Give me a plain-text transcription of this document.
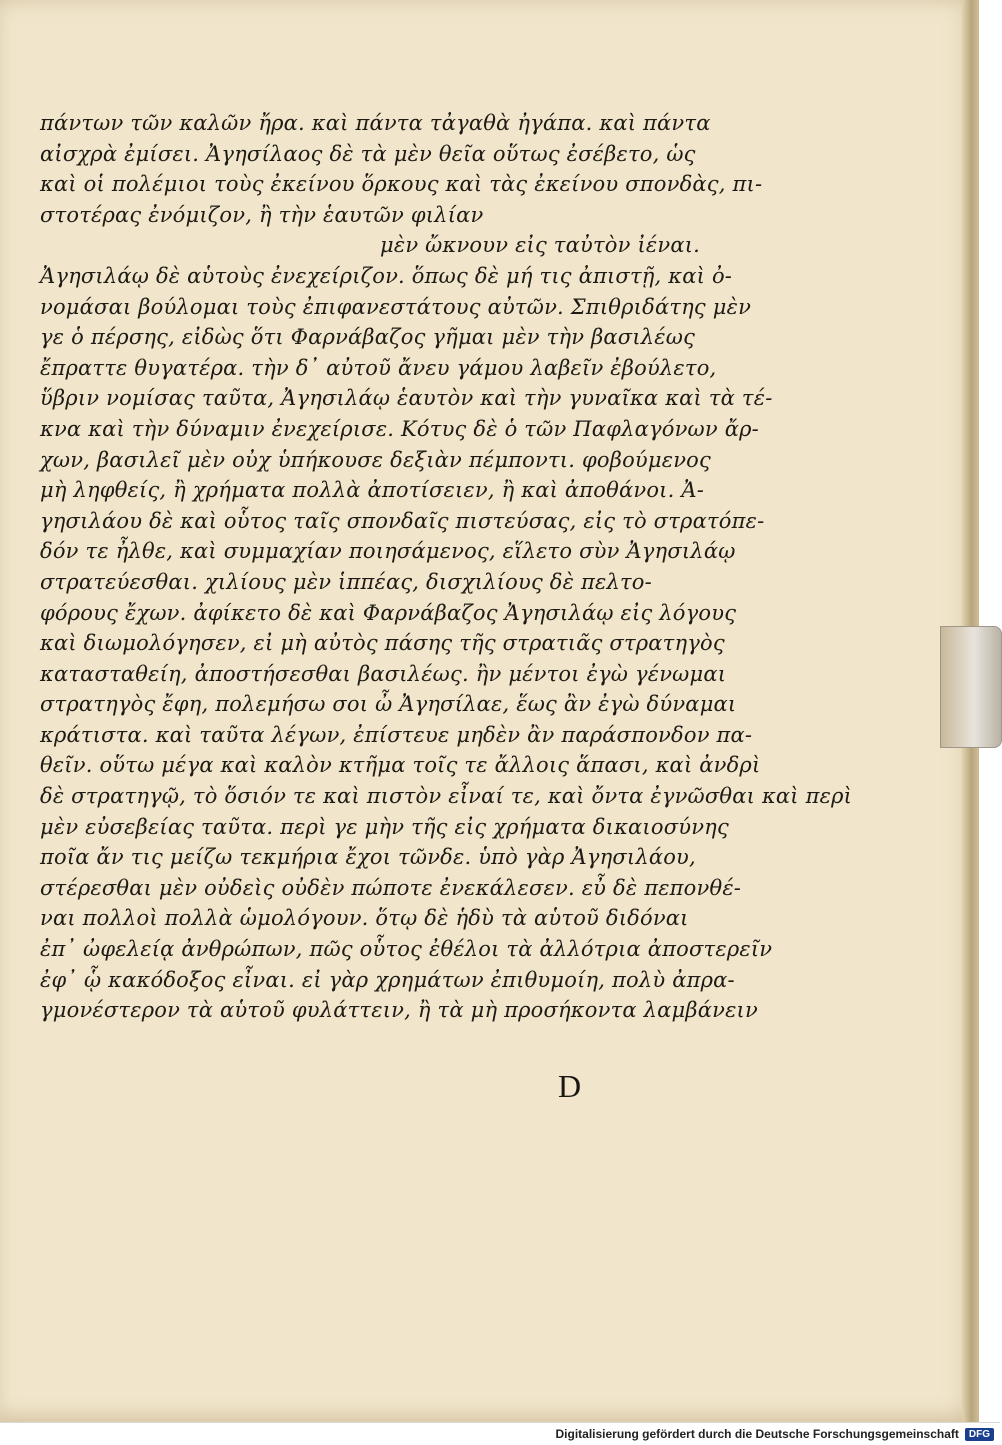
πάντων τῶν καλῶν ἤρα. καὶ πάντα τἀγαθὰ ἠγάπα. καὶ πάντα
αἰσχρὰ ἐμίσει. Ἀγησίλαος δὲ τὰ μὲν θεῖα οὕτως ἐσέβετο, ὡς
καὶ οἱ πολέμιοι τοὺς ἐκείνου ὅρκους καὶ τὰς ἐκείνου σπονδὰς, πι-
στοτέρας ἐνόμιζον, ἢ τὴν ἑαυτῶν φιλίαν
μὲν ὤκνουν εἰς ταὐτὸν ἰέναι.
Ἀγησιλάῳ δὲ αὑτοὺς ἐνεχείριζον. ὅπως δὲ μή τις ἀπιστῇ, καὶ ὀ-
νομάσαι βούλομαι τοὺς ἐπιφανεστάτους αὐτῶν. Σπιθριδάτης μὲν
γε ὁ πέρσης, εἰδὼς ὅτι Φαρνάβαζος γῆμαι μὲν τὴν βασιλέως
ἔπραττε θυγατέρα. τὴν δ᾿ αὐτοῦ ἄνευ γάμου λαβεῖν ἐβούλετο,
ὕβριν νομίσας ταῦτα, Ἀγησιλάῳ ἑαυτὸν καὶ τὴν γυναῖκα καὶ τὰ τέ-
κνα καὶ τὴν δύναμιν ἐνεχείρισε. Κότυς δὲ ὁ τῶν Παφλαγόνων ἄρ-
χων, βασιλεῖ μὲν οὐχ ὑπήκουσε δεξιὰν πέμποντι. φοβούμενος
μὴ ληφθείς, ἢ χρήματα πολλὰ ἀποτίσειεν, ἢ καὶ ἀποθάνοι. Ἀ-
γησιλάου δὲ καὶ οὗτος ταῖς σπονδαῖς πιστεύσας, εἰς τὸ στρατόπε-
δόν τε ἦλθε, καὶ συμμαχίαν ποιησάμενος, εἵλετο σὺν Ἀγησιλάῳ
στρατεύεσθαι. χιλίους μὲν ἱππέας, δισχιλίους δὲ πελτο-
φόρους ἔχων. ἀφίκετο δὲ καὶ Φαρνάβαζος Ἀγησιλάῳ εἰς λόγους
καὶ διωμολόγησεν, εἰ μὴ αὐτὸς πάσης τῆς στρατιᾶς στρατηγὸς
κατασταθείη, ἀποστήσεσθαι βασιλέως. ἢν μέντοι ἐγὼ γένωμαι
στρατηγὸς ἔφη, πολεμήσω σοι ὦ Ἀγησίλαε, ἕως ἂν ἐγὼ δύναμαι
κράτιστα. καὶ ταῦτα λέγων, ἐπίστευε μηδὲν ἂν παράσπονδον πα-
θεῖν. οὕτω μέγα καὶ καλὸν κτῆμα τοῖς τε ἄλλοις ἅπασι, καὶ ἀνδρὶ
δὲ στρατηγῷ, τὸ ὅσιόν τε καὶ πιστὸν εἶναί τε, καὶ ὄντα ἐγνῶσθαι καὶ περὶ
μὲν εὐσεβείας ταῦτα. περὶ γε μὴν τῆς εἰς χρήματα δικαιοσύνης
ποῖα ἄν τις μείζω τεκμήρια ἔχοι τῶνδε. ὑπὸ γὰρ Ἀγησιλάου,
στέρεσθαι μὲν οὐδεὶς οὐδὲν πώποτε ἐνεκάλεσεν. εὖ δὲ πεπονθέ-
ναι πολλοὶ πολλὰ ὡμολόγουν. ὅτῳ δὲ ἡδὺ τὰ αὑτοῦ διδόναι
ἐπ᾿ ὠφελείᾳ ἀνθρώπων, πῶς οὗτος ἐθέλοι τὰ ἀλλότρια ἀποστερεῖν
ἐφ᾿ ᾧ κακόδοξος εἶναι. εἰ γὰρ χρημάτων ἐπιθυμοίη, πολὺ ἀπρα-
γμονέστερον τὰ αὑτοῦ φυλάττειν, ἢ τὰ μὴ προσήκοντα λαμβάνειν
D
Digitalisierung gefördert durch die Deutsche Forschungsgemeinschaft	DFG
